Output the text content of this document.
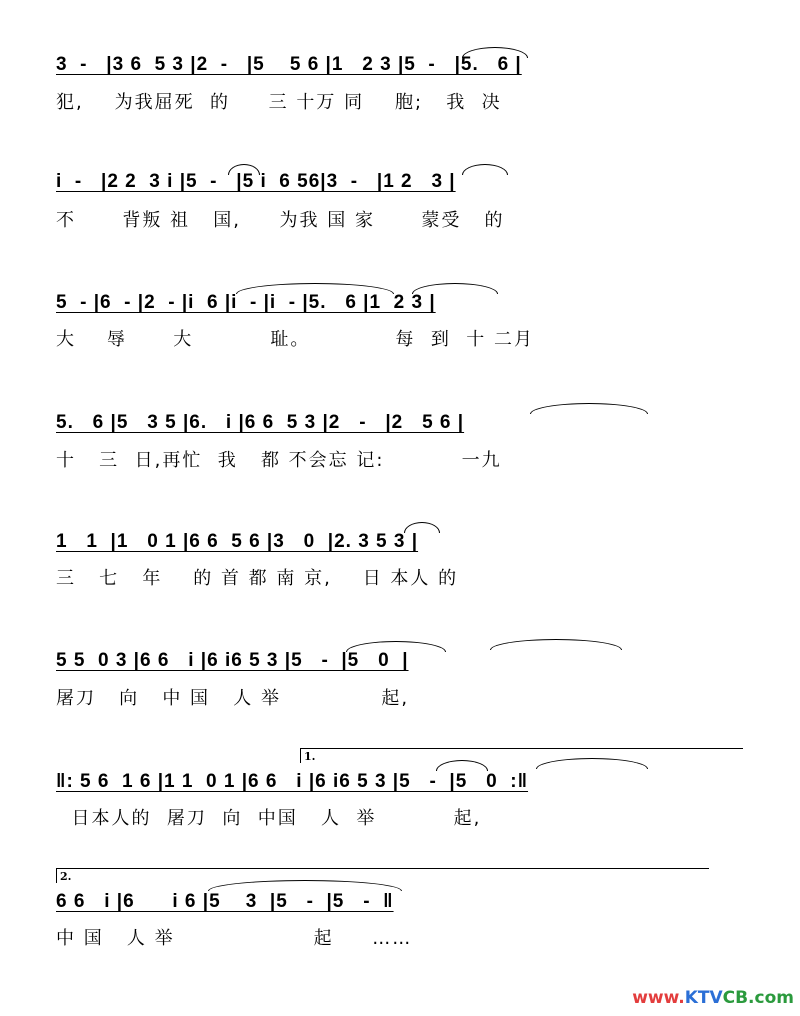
3  -   |3 6  5 3 |2  -   |5    5 6 |1   2 3 |5  -   |5.   6 |
犯,    为我屈死  的     三 十万 同    胞;   我  决
i  -   |2 2  3 i |5  -   |5 i  6 56|3  -   |1 2   3 |
不      背叛 祖   国,     为我 国 家      蒙受   的
5  - |6  - |2  - |i  6 |i  - |i  - |5.   6 |1  2 3 |
大    辱      大          耻。           每  到  十 二月
5.   6 |5   3 5 |6.   i |6 6  5 3 |2   -   |2   5 6 |
十   三  日,再忙  我   都 不会忘 记:          一九
1   1  |1   0 1 |6 6  5 6 |3   0  |2. 3 5 3 |
三   七   年    的 首 都 南 京,    日 本人 的
5 5  0 3 |6 6   i |6 i6 5 3 |5   -  |5   0  |
屠刀   向   中 国   人 举             起,
1.
‖: 5 6  1 6 |1 1  0 1 |6 6   i |6 i6 5 3 |5   -  |5   0  :‖
日本人的  屠刀  向  中国   人  举          起,
2.
6 6   i |6      i 6 |5    3  |5   -  |5   -  ‖
中 国   人 举                  起     ……
www.KTVCB.com
